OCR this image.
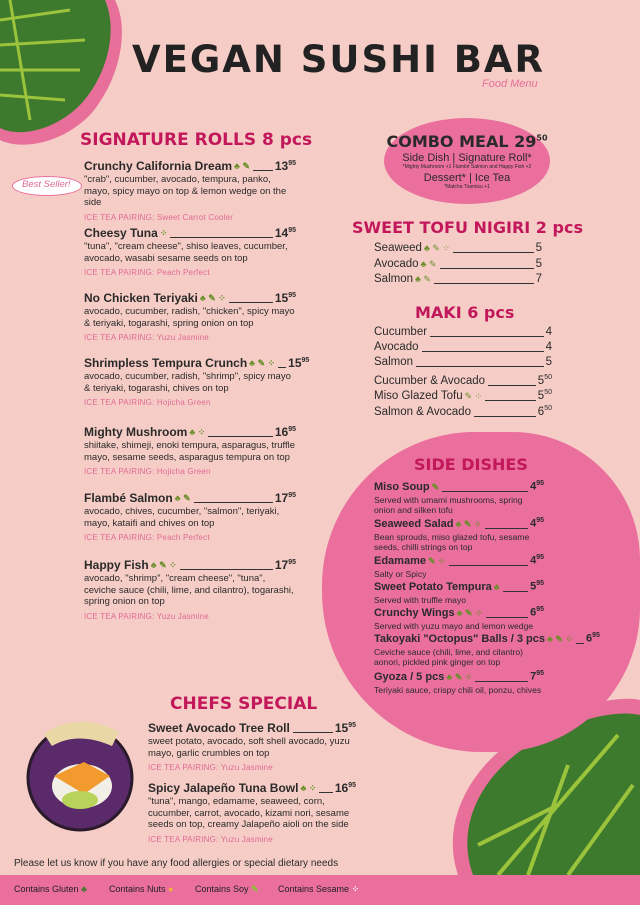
VEGAN SUSHI BAR
Food Menu
Best Seller!
SIGNATURE ROLLS 8 pcs	COMBO MEAL $29^{50}$
Side Dish | Signature Roll*
*Mighty Mushroom +1 Flambé Salmon and Happy Fish +2
Dessert* | Ice Tea
*Matcha Tiramisu +1
SWEET TOFU NIGIRI 2 pcs
MAKI 6 pcs
SIDE DISHES
CHEFS SPECIAL
Please let us know if you have any food allergies or special dietary needs
Contains Gluten ♣ Contains Nuts ● Contains Soy ✎ Contains Sesame ⁘
Crunchy California Dream ♣ ✎ $13^{95}$
"crab", cucumber, avocado, tempura, panko, mayo, spicy mayo on top & lemon wedge on the side
ICE TEA PAIRING: Sweet Carrot Cooler
Cheesy Tuna ⁘	$14^{95}$
"tuna", "cream cheese", shiso leaves, cucumber, avocado, wasabi sesame seeds on top
ICE TEA PAIRING: Peach Perfect
No Chicken Teriyaki ♣ ✎ ⁘	$15^{95}$
avocado, cucumber, radish, "chicken", spicy mayo & teriyaki, togarashi, spring onion on top
ICE TEA PAIRING: Yuzu Jasmine
Shrimpless Tempura Crunch ♣ ✎ ⁘ $15^{95}$
avocado, cucumber, radish, "shrimp", spicy mayo & teriyaki, togarashi, chives on top
ICE TEA PAIRING: Hojicha Green
Mighty Mushroom ♣ ⁘	$16^{95}$
shiitake, shimeji, enoki tempura, asparagus, truffle mayo, sesame seeds, asparagus tempura on top
ICE TEA PAIRING: Hojicha Green
Flambé Salmon ♣ ✎	$17^{95}$
avocado, chives, cucumber, "salmon", teriyaki, mayo, kataifi and chives on top
ICE TEA PAIRING: Peach Perfect
Happy Fish ♣ ✎ ⁘	$17^{95}$
avocado, "shrimp", "cream cheese", "tuna", ceviche sauce (chili, lime, and cilantro), togarashi, spring onion on top
ICE TEA PAIRING: Yuzu Jasmine
Seaweed ♣ ✎ ⁘	5
Avocado ♣ ✎	5
Salmon ♣ ✎	7
Cucumber	4
Avocado	4
Salmon	5
Cucumber & Avocado	$5^{50}$
Miso Glazed Tofu ✎ ⁘	$5^{50}$
Salmon & Avocado	$6^{50}$
Miso Soup ✎	$4^{95}$
Served with umami mushrooms, spring onion and silken tofu
Seaweed Salad ♣ ✎ ⁘	$4^{95}$
Bean sprouds, miso glazed tofu, sesame seeds, chilli strings on top
Edamame ✎ ⁘	$4^{95}$
Salty or Spicy
Sweet Potato Tempura ♣	$5^{95}$
Served with truffle mayo
Crunchy Wings ♣ ✎ ⁘	$6^{95}$
Served with yuzu mayo and lemon wedge
Takoyaki "Octopus" Balls / 3 pcs ♣ ✎ ⁘ $6^{95}$
Ceviche sauce (chili, lime, and cilantro) aonori, pickled pink ginger on top
Gyoza / 5 pcs ♣ ✎ ⁘	$7^{95}$
Teriyaki sauce, crispy chili oil, ponzu, chives
Sweet Avocado Tree Roll	$15^{95}$
sweet potato, avocado, soft shell avocado, yuzu mayo, garlic crumbles on top
ICE TEA PAIRING: Yuzu Jasmine
Spicy Jalapeño Tuna Bowl ♣ ⁘ $16^{95}$
"tuna", mango, edamame, seaweed, corn, cucumber, carrot, avocado, kizami nori, sesame seeds on top, creamy Jalapeño aioli on the side
ICE TEA PAIRING: Yuzu Jasmine
